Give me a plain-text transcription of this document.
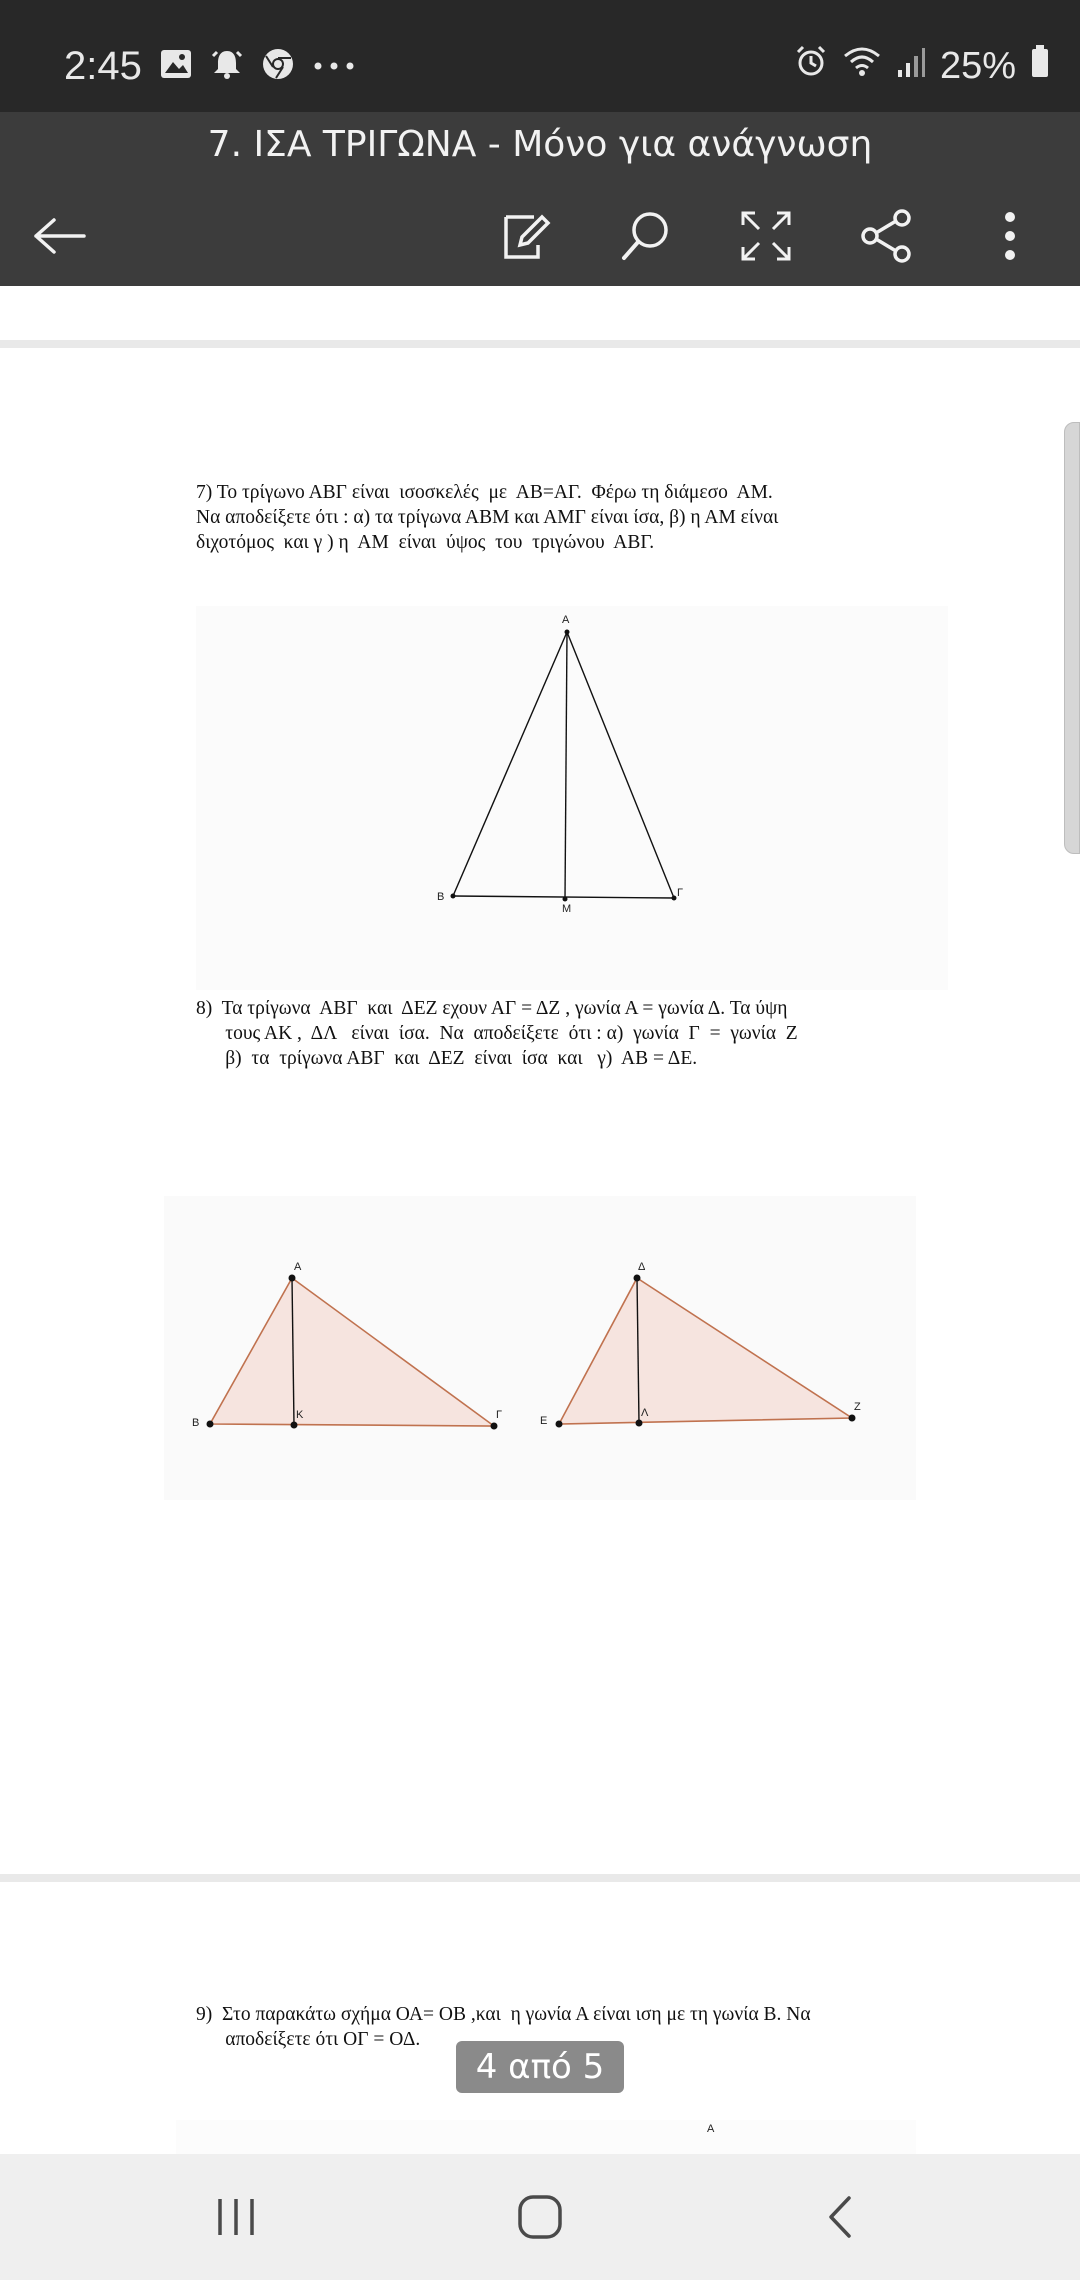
2:45	25%
7. ΙΣΑ ΤΡΙΓΩΝΑ - Μόνο για ανάγνωση
7) Το τρίγωνο ΑΒΓ είναι  ισοσκελές  με  ΑΒ=ΑΓ.  Φέρω τη διάμεσο  ΑΜ.
Να αποδείξετε ότι : α) τα τρίγωνα ΑΒΜ και ΑΜΓ είναι ίσα, β) η ΑΜ είναι
διχοτόμος  και γ ) η  ΑΜ  είναι  ύψος  του  τριγώνου  ΑΒΓ.
A
B	Γ
M
8)  Τα τρίγωνα  ΑΒΓ  και  ΔΕΖ εχουν ΑΓ = ΔΖ , γωνία Α = γωνία Δ. Τα ύψη
τους ΑΚ ,  ΔΛ   είναι  ίσα.  Να  αποδείξετε  ότι : α)  γωνία  Γ  =  γωνία  Ζ
β)  τα  τρίγωνα ΑΒΓ  και  ΔΕΖ  είναι  ίσα  και   γ)  ΑΒ = ΔΕ.
A
B
K	Γ
Δ
E
Λ	Z
9)  Στο παρακάτω σχήμα ΟΑ= ΟΒ ,και  η γωνία Α είναι ιση με τη γωνία Β. Να
αποδείξετε ότι ΟΓ = ΟΔ.
A
4 από 5
